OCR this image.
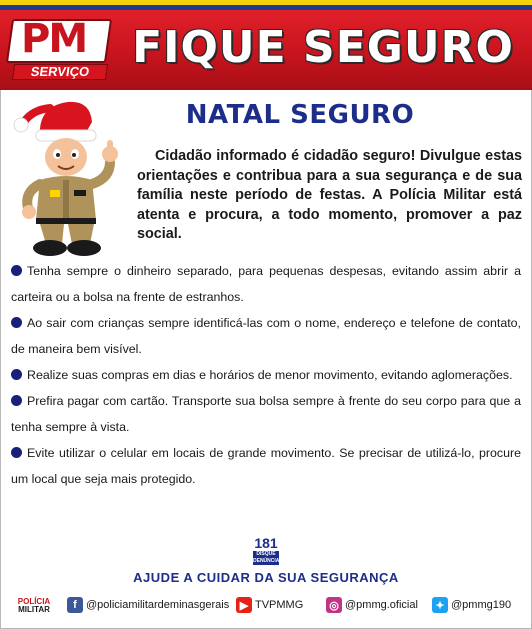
PM
SERVIÇO FIQUE SEGURO
NATAL SEGURO

Cidadão informado é cidadão seguro! Divulgue estas orientações e contribua para a sua segurança e de sua família neste período de festas. A Polícia Militar está atenta e procura, a todo momento, promover a paz social.

Tenha sempre o dinheiro separado, para pequenas despesas, evitando assim abrir a carteira ou a bolsa na frente de estranhos.

Ao sair com crianças sempre identificá-las com o nome, endereço e telefone de contato, de maneira bem visível.

Realize suas compras em dias e horários de menor movimento, evitando aglomerações.

Prefira pagar com cartão. Transporte sua bolsa sempre à frente do seu corpo para que a tenha sempre à vista.

Evite utilizar o celular em locais de grande movimento. Se precisar de utilizá-lo, procure um local que seja mais protegido.

181
DISQUE DENÚNCIA
AJUDE A CUIDAR DA SUA SEGURANÇA
POLÍCIA
MILITAR	f @policiamilitardeminasgerais ▶ TVPMMG ◎ @pmmg.oficial	✦ @pmmg190
